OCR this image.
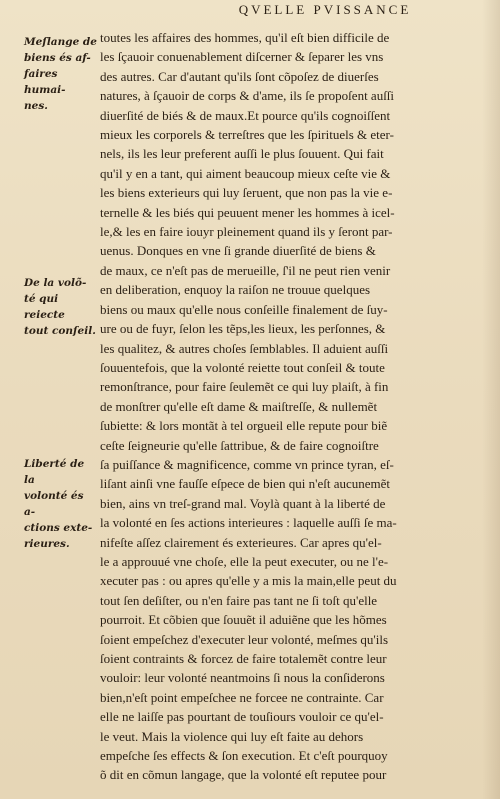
QVELLE PVISSANCE
Meſlange de
biens és af-
faires humai-
nes.
De la volõ-
té qui reiecte
tout conſeil.
Liberté de la
volonté és a-
ctions exte-
rieures.
toutes les affaires des hommes, qu'il eſt bien difficile de
les ſçauoir conuenablement diſcerner & ſeparer les vns
des autres. Car d'autant qu'ils ſont cõpoſez de diuerſes
natures, à ſçauoir de corps & d'ame, ils ſe propoſent auſſi
diuerſité de biés & de maux.Et pource qu'ils cognoiſſent
mieux les corporels & terreſtres que les ſpirituels & eter-
nels, ils les leur preferent auſſi le plus ſouuent. Qui fait
qu'il y en a tant, qui aiment beaucoup mieux ceſte vie &
les biens exterieurs qui luy ſeruent, que non pas la vie e-
ternelle & les biés qui peuuent mener les hommes à icel-
le,& les en faire iouyr pleinement quand ils y ſeront par-
uenus. Donques en vne ſi grande diuerſité de biens &
de maux, ce n'eſt pas de merueille, ſ'il ne peut rien venir
en deliberation, enquoy la raiſon ne trouue quelques
biens ou maux qu'elle nous conſeille finalement de ſuy-
ure ou de fuyr, ſelon les tẽps,les lieux, les perſonnes, &
les qualitez, & autres choſes ſemblables. Il aduient auſſi
ſouuentefois, que la volonté reiette tout conſeil & toute
remonſtrance, pour faire ſeulemẽt ce qui luy plaiſt, à fin
de monſtrer qu'elle eſt dame & maiſtreſſe, & nullemẽt
ſubiette: & lors montãt à tel orgueil elle repute pour biẽ
ceſte ſeigneurie qu'elle ſattribue, & de faire cognoiſtre
ſa puiſſance & magnificence, comme vn prince tyran, eſ-
liſant ainſi vne fauſſe eſpece de bien qui n'eſt aucunemẽt
bien, ains vn treſ-grand mal. Voylà quant à la liberté de
la volonté en ſes actions interieures : laquelle auſſi ſe ma-
nifeſte aſſez clairement és exterieures. Car apres qu'el-
le a approuué vne choſe, elle la peut executer, ou ne l'e-
xecuter pas : ou apres qu'elle y a mis la main,elle peut du
tout ſen deſiſter, ou n'en faire pas tant ne ſi toſt qu'elle
pourroit. Et cõbien que ſouuẽt il aduiẽne que les hõmes
ſoient empeſchez d'executer leur volonté, meſmes qu'ils
ſoient contraints & forcez de faire totalemẽt contre leur
vouloir: leur volonté neantmoins ſi nous la conſiderons
bien,n'eſt point empeſchee ne forcee ne contrainte. Car
elle ne laiſſe pas pourtant de touſiours vouloir ce qu'el-
le veut. Mais la violence qui luy eſt faite au dehors
empeſche ſes effects & ſon execution. Et c'eſt pourquoy
õ dit en cõmun langage, que la volonté eſt reputee pour
